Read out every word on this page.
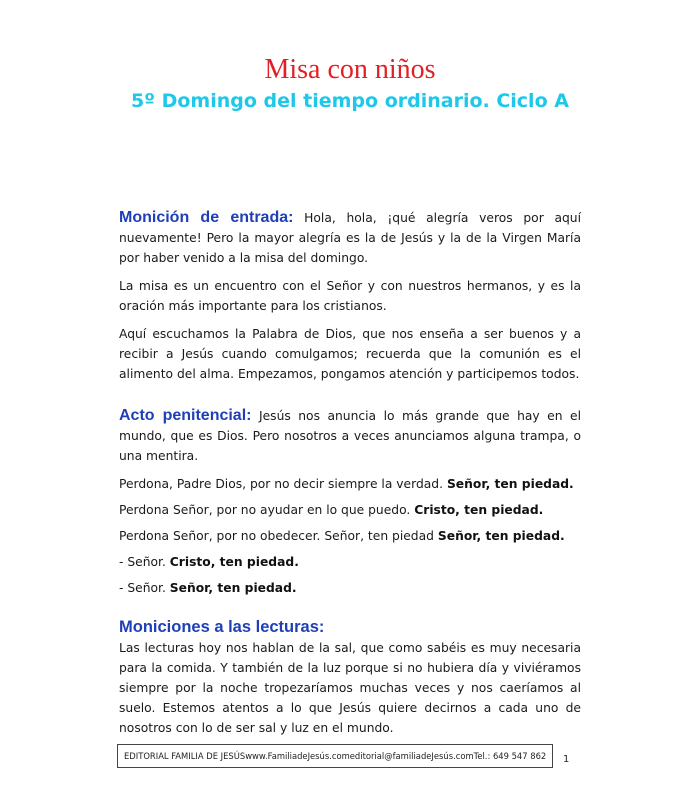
Misa con niños
5º Domingo del tiempo ordinario. Ciclo A

Monición de entrada: Hola, hola, ¡qué alegría veros por aquí nuevamente! Pero la mayor alegría es la de Jesús y la de la Virgen María por haber venido a la misa del domingo.

La misa es un encuentro con el Señor y con nuestros hermanos, y es la oración más importante para los cristianos.

Aquí escuchamos la Palabra de Dios, que nos enseña a ser buenos y a recibir a Jesús cuando comulgamos; recuerda que la comunión es el alimento del alma. Empezamos, pongamos atención y participemos todos.

Acto penitencial: Jesús nos anuncia lo más grande que hay en el mundo, que es Dios. Pero nosotros a veces anunciamos alguna trampa, o una mentira.

Perdona, Padre Dios, por no decir siempre la verdad. Señor, ten piedad.

Perdona Señor, por no ayudar en lo que puedo. Cristo, ten piedad.

Perdona Señor, por no obedecer. Señor, ten piedad Señor, ten piedad.

- Señor. Cristo, ten piedad.

- Señor. Señor, ten piedad.

Moniciones a las lecturas:

Las lecturas hoy nos hablan de la sal, que como sabéis es muy necesaria para la comida. Y también de la luz porque si no hubiera día y viviéramos siempre por la noche tropezaríamos muchas veces y nos caeríamos al suelo. Estemos atentos a lo que Jesús quiere decirnos a cada uno de nosotros con lo de ser sal y luz en el mundo.

EDITORIAL FAMILIA DE JESÚS www.FamiliadeJesús.com editorial@familiadeJesús.com Tel.: 649 547 862 1
